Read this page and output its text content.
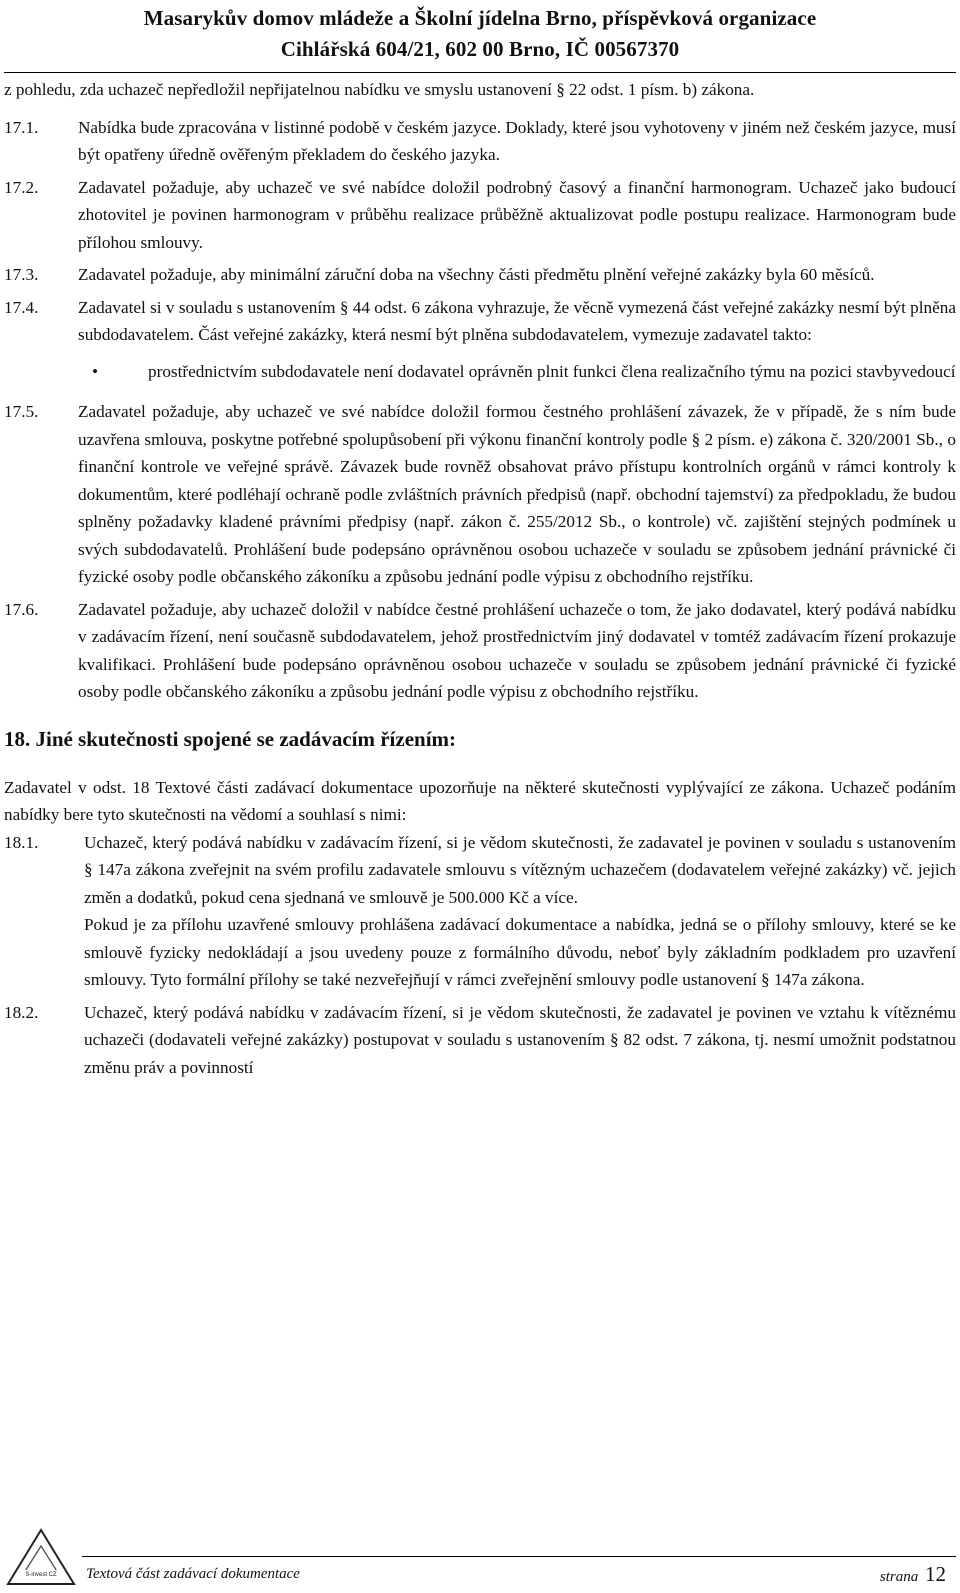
Masarykův domov mládeže a Školní jídelna Brno, příspěvková organizace
Cihlářská 604/21, 602 00 Brno, IČ 00567370

z pohledu, zda uchazeč nepředložil nepřijatelnou nabídku ve smyslu ustanovení § 22 odst. 1 písm. b) zákona.

17.1.	Nabídka bude zpracována v listinné podobě v českém jazyce. Doklady, které jsou vyhotoveny v jiném než českém jazyce, musí být opatřeny úředně ověřeným překladem do českého jazyka.
17.2.	Zadavatel požaduje, aby uchazeč ve své nabídce doložil podrobný časový a finanční harmonogram. Uchazeč jako budoucí zhotovitel je povinen harmonogram v průběhu realizace průběžně aktualizovat podle postupu realizace. Harmonogram bude přílohou smlouvy.
17.3.	Zadavatel požaduje, aby minimální záruční doba na všechny části předmětu plnění veřejné zakázky byla 60 měsíců.
17.4.	Zadavatel si v souladu s ustanovením § 44 odst. 6 zákona vyhrazuje, že věcně vymezená část veřejné zakázky nesmí být plněna subdodavatelem. Část veřejné zakázky, která nesmí být plněna subdodavatelem, vymezuje zadavatel takto:

•	prostřednictvím subdodavatele není dodavatel oprávněn plnit funkci člena realizačního týmu na pozici stavbyvedoucí
17.5.	Zadavatel požaduje, aby uchazeč ve své nabídce doložil formou čestného prohlášení závazek, že v případě, že s ním bude uzavřena smlouva, poskytne potřebné spolupůsobení při výkonu finanční kontroly podle § 2 písm. e) zákona č. 320/2001 Sb., o finanční kontrole ve veřejné správě. Závazek bude rovněž obsahovat právo přístupu kontrolních orgánů v rámci kontroly k dokumentům, které podléhají ochraně podle zvláštních právních předpisů (např. obchodní tajemství) za předpokladu, že budou splněny požadavky kladené právními předpisy (např. zákon č. 255/2012 Sb., o kontrole) vč. zajištění stejných podmínek u svých subdodavatelů. Prohlášení bude podepsáno oprávněnou osobou uchazeče v souladu se způsobem jednání právnické či fyzické osoby podle občanského zákoníku a způsobu jednání podle výpisu z obchodního rejstříku.
17.6.	Zadavatel požaduje, aby uchazeč doložil v nabídce čestné prohlášení uchazeče o tom, že jako dodavatel, který podává nabídku v zadávacím řízení, není současně subdodavatelem, jehož prostřednictvím jiný dodavatel v tomtéž zadávacím řízení prokazuje kvalifikaci. Prohlášení bude podepsáno oprávněnou osobou uchazeče v souladu se způsobem jednání právnické či fyzické osoby podle občanského zákoníku a způsobu jednání podle výpisu z obchodního rejstříku.
18. Jiné skutečnosti spojené se zadávacím řízením:

Zadavatel v odst. 18 Textové části zadávací dokumentace upozorňuje na některé skutečnosti vyplývající ze zákona. Uchazeč podáním nabídky bere tyto skutečnosti na vědomí a souhlasí s nimi:

18.1.	Uchazeč, který podává nabídku v zadávacím řízení, si je vědom skutečnosti, že zadavatel je povinen v souladu s ustanovením § 147a zákona zveřejnit na svém profilu zadavatele smlouvu s vítězným uchazečem (dodavatelem veřejné zakázky) vč. jejich změn a dodatků, pokud cena sjednaná ve smlouvě je 500.000 Kč a více.

Pokud je za přílohu uzavřené smlouvy prohlášena zadávací dokumentace a nabídka, jedná se o přílohy smlouvy, které se ke smlouvě fyzicky nedokládají a jsou uvedeny pouze z formálního důvodu, neboť byly základním podkladem pro uzavření smlouvy. Tyto formální přílohy se také nezveřejňují v rámci zveřejnění smlouvy podle ustanovení § 147a zákona.

18.2.	Uchazeč, který podává nabídku v zadávacím řízení, si je vědom skutečnosti, že zadavatel je povinen ve vztahu k vítěznému uchazeči (dodavateli veřejné zakázky) postupovat v souladu s ustanovením § 82 odst. 7 zákona, tj. nesmí umožnit podstatnou změnu práv a povinností
S-invest CZ Textová část zadávací dokumentace	strana 12
